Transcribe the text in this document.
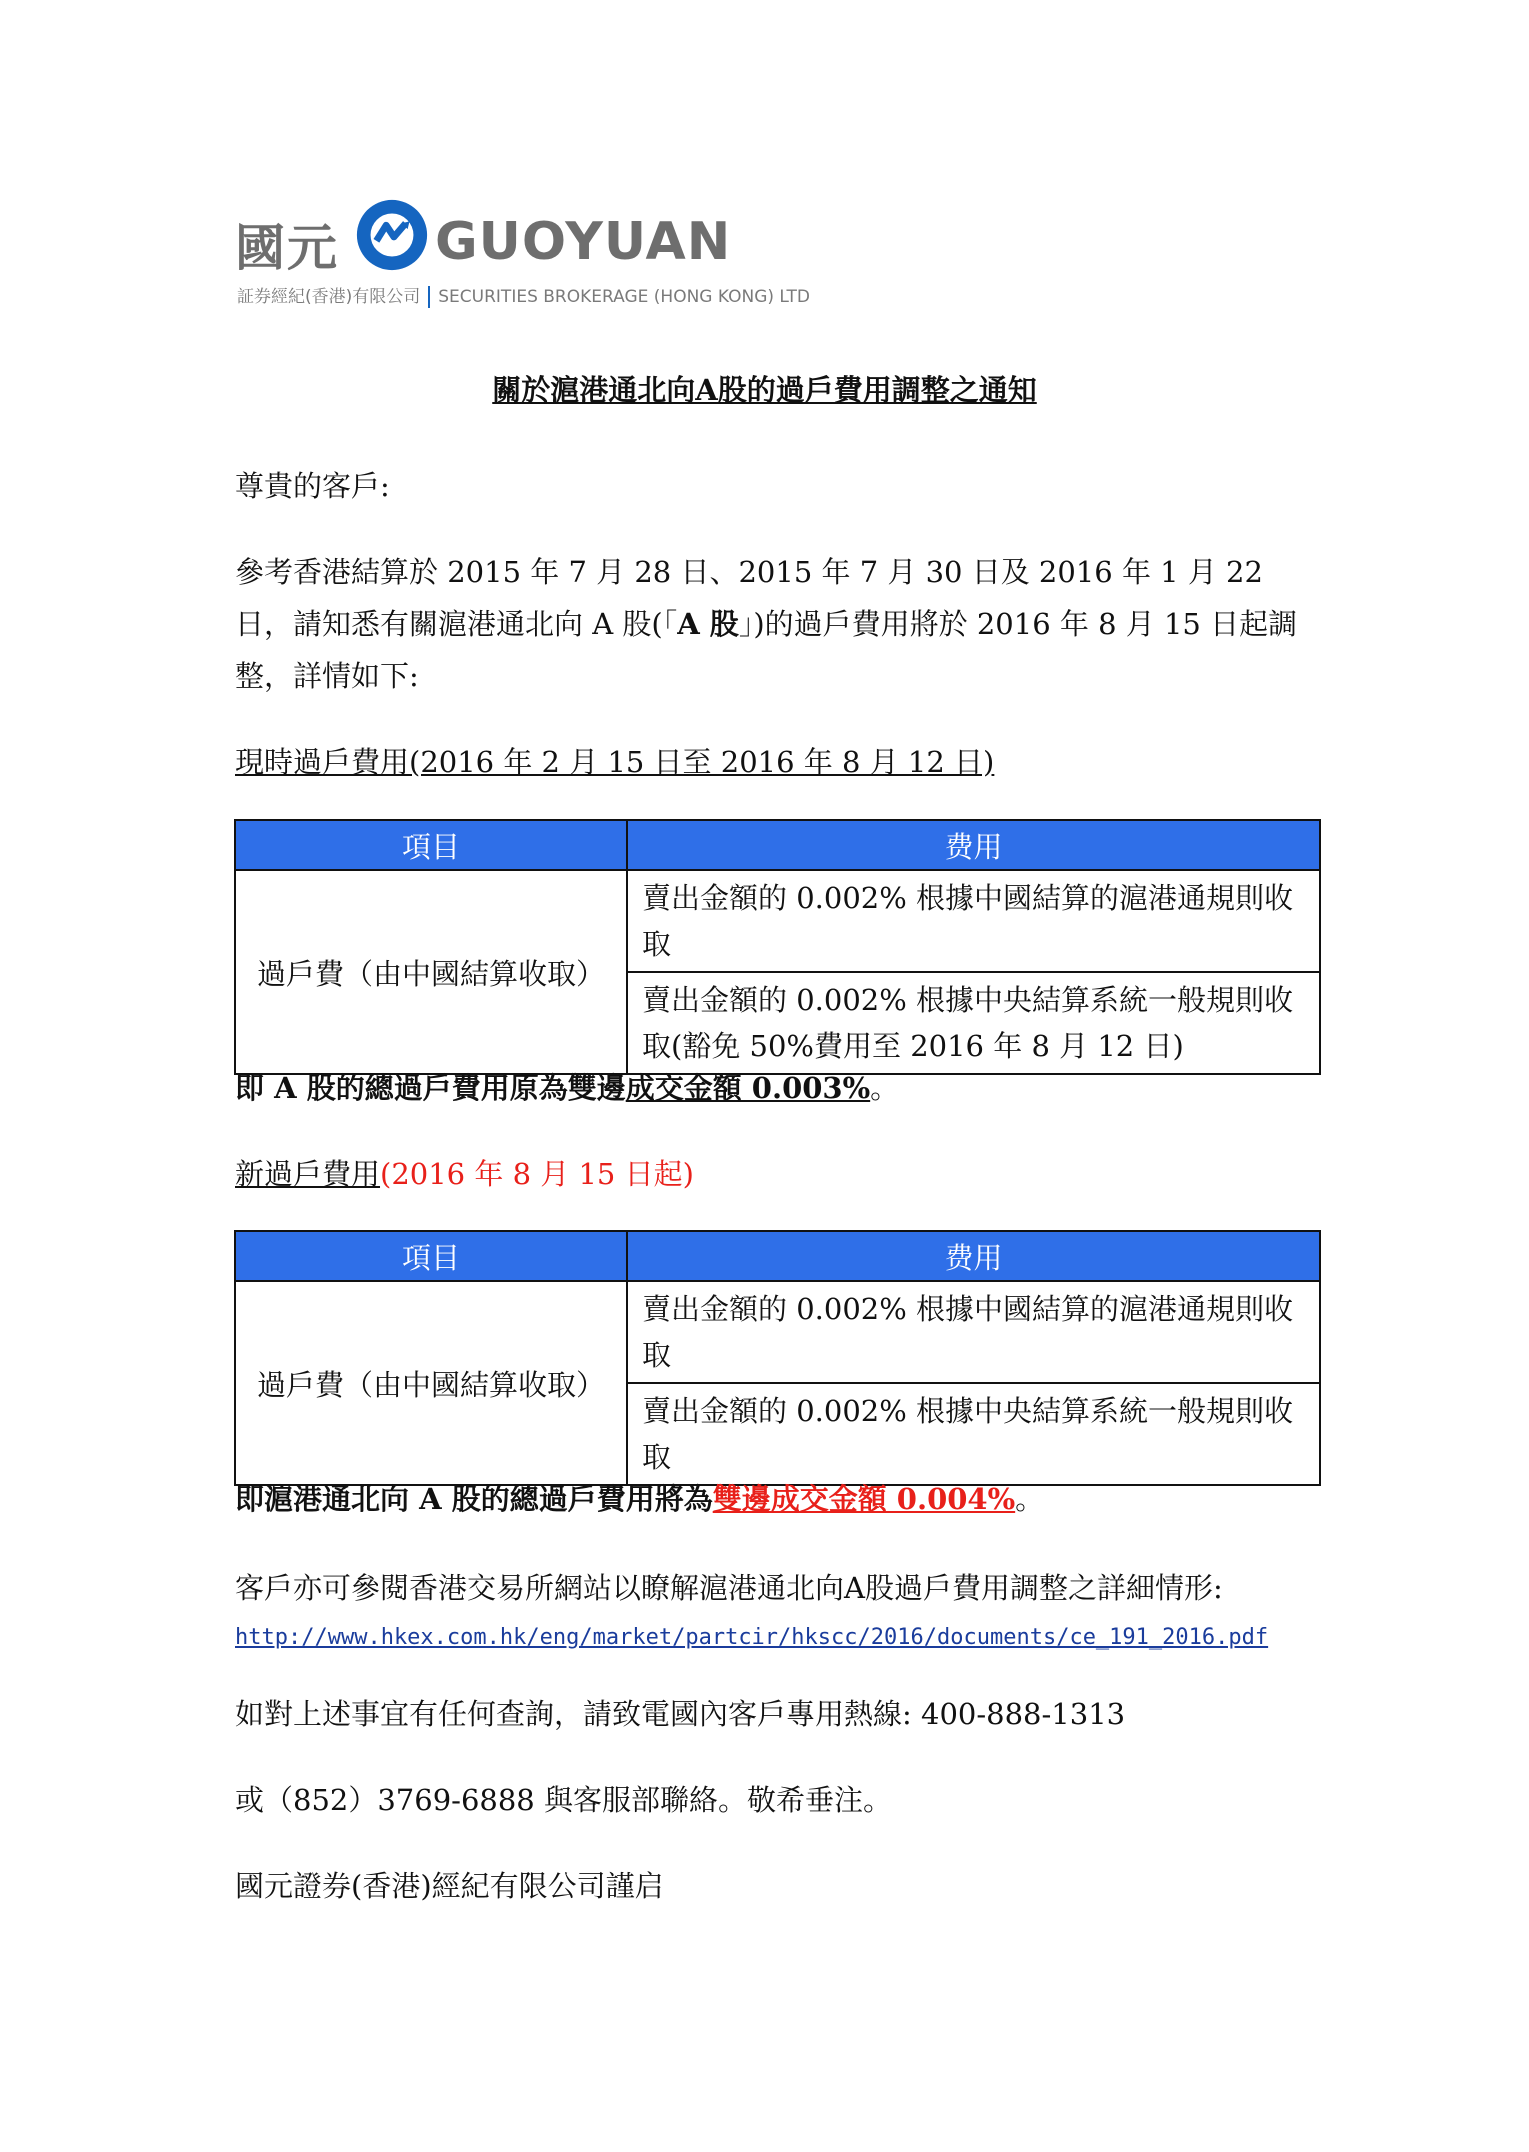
國元 GUOYUAN
証券經紀(香港)有限公司 SECURITIES BROKERAGE (HONG KONG) LTD
關於滬港通北向A股的過戶費用調整之通知
尊貴的客戶:
參考香港結算於 2015 年 7 月 28 日、2015 年 7 月 30 日及 2016 年 1 月 22 日，請知悉有關滬港通北向 A 股(「A 股」)的過戶費用將於 2016 年 8 月 15 日起調整，詳情如下:
現時過戶費用(2016 年 2 月 15 日至 2016 年 8 月 12 日)
項目	费用
過戶費（由中國結算收取）	賣出金額的 0.002% 根據中國結算的滬港通規則收取
	賣出金額的 0.002% 根據中央結算系統一般規則收取(豁免 50%費用至 2016 年 8 月 12 日)
即 A 股的總過戶費用原為雙邊成交金額 0.003%。
新過戶費用(2016 年 8 月 15 日起)
項目	费用
過戶費（由中國結算收取）	賣出金額的 0.002% 根據中國結算的滬港通規則收取
	賣出金額的 0.002% 根據中央結算系統一般規則收取
即滬港通北向 A 股的總過戶費用將為雙邊成交金額 0.004%。
客戶亦可參閱香港交易所網站以瞭解滬港通北向A股過戶費用調整之詳細情形:
http://www.hkex.com.hk/eng/market/partcir/hkscc/2016/documents/ce_191_2016.pdf
如對上述事宜有任何查詢，請致電國內客戶專用熱線: 400-888-1313
或（852）3769-6888 與客服部聯絡。敬希垂注。
國元證券(香港)經紀有限公司謹启
